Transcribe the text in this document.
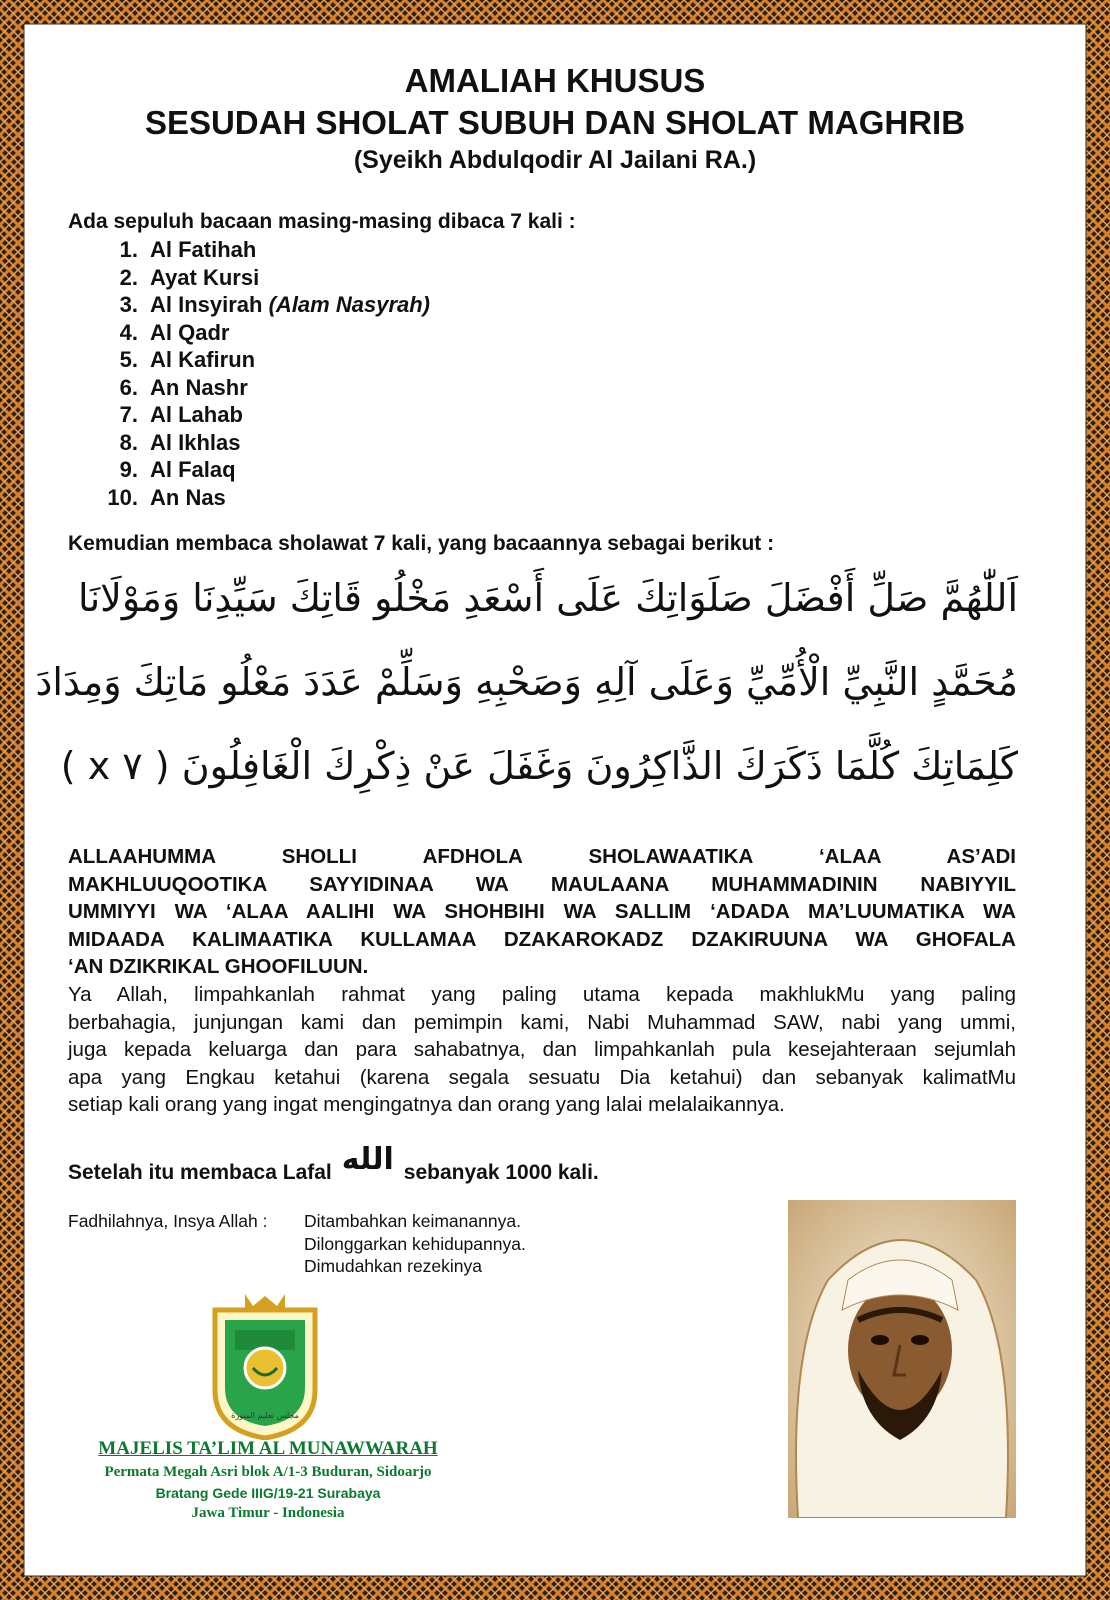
AMALIAH KHUSUS
SESUDAH SHOLAT SUBUH DAN SHOLAT MAGHRIB
(Syeikh Abdulqodir Al Jailani RA.)
Ada sepuluh bacaan masing-masing dibaca 7 kali :
1. Al Fatihah
2. Ayat Kursi
3. Al Insyirah
(Alam Nasyrah)
4. Al Qadr
5. Al Kafirun
6. An Nashr
7. Al Lahab
8. Al Ikhlas
9. Al Falaq
10. An Nas
Kemudian membaca sholawat 7 kali, yang bacaannya sebagai berikut :
اَللّٰهُمَّ صَلِّ أَفْضَلَ صَلَوَاتِكَ عَلَى أَسْعَدِ مَخْلُو قَاتِكَ سَيِّدِنَا وَمَوْلَانَا
مُحَمَّدٍ النَّبِيِّ الْأُمِّيِّ وَعَلَى آلِهِ وَصَحْبِهِ وَسَلِّمْ عَدَدَ مَعْلُو مَاتِكَ وَمِدَادَ
كَلِمَاتِكَ كُلَّمَا ذَكَرَكَ الذَّاكِرُونَ وَغَفَلَ عَنْ ذِكْرِكَ الْغَافِلُونَ ( ٧ x )
ALLAAHUMMA SHOLLI AFDHOLA SHOLAWAATIKA ‘ALAA AS’ADI
MAKHLUUQOOTIKA SAYYIDINAA WA MAULAANA MUHAMMADININ NABIYYIL
UMMIYYI WA ‘ALAA AALIHI WA SHOHBIHI WA SALLIM ‘ADADA MA’LUUMATIKA WA
MIDAADA KALIMAATIKA KULLAMAA DZAKAROKADZ DZAKIRUUNA WA GHOFALA
‘AN DZIKRIKAL GHOOFILUUN.
Ya Allah, limpahkanlah rahmat yang paling utama kepada makhlukMu yang paling
berbahagia, junjungan kami dan pemimpin kami, Nabi Muhammad SAW, nabi yang ummi,
juga kepada keluarga dan para sahabatnya, dan limpahkanlah pula kesejahteraan sejumlah
apa yang Engkau ketahui (karena segala sesuatu Dia ketahui) dan sebanyak kalimatMu
setiap kali orang yang ingat mengingatnya dan orang yang lalai melalaikannya.
Setelah itu membaca Lafal الله sebanyak 1000 kali.
Fadhilahnya, Insya Allah :	Ditambahkan keimanannya.
Dilonggarkan kehidupannya.
Dimudahkan rezekinya
مجلس تعليم المنورة
MAJELIS TA’LIM AL MUNAWWARAH
Permata Megah Asri blok A/1-3 Buduran, Sidoarjo
Bratang Gede IIIG/19-21 Surabaya
Jawa Timur - Indonesia
